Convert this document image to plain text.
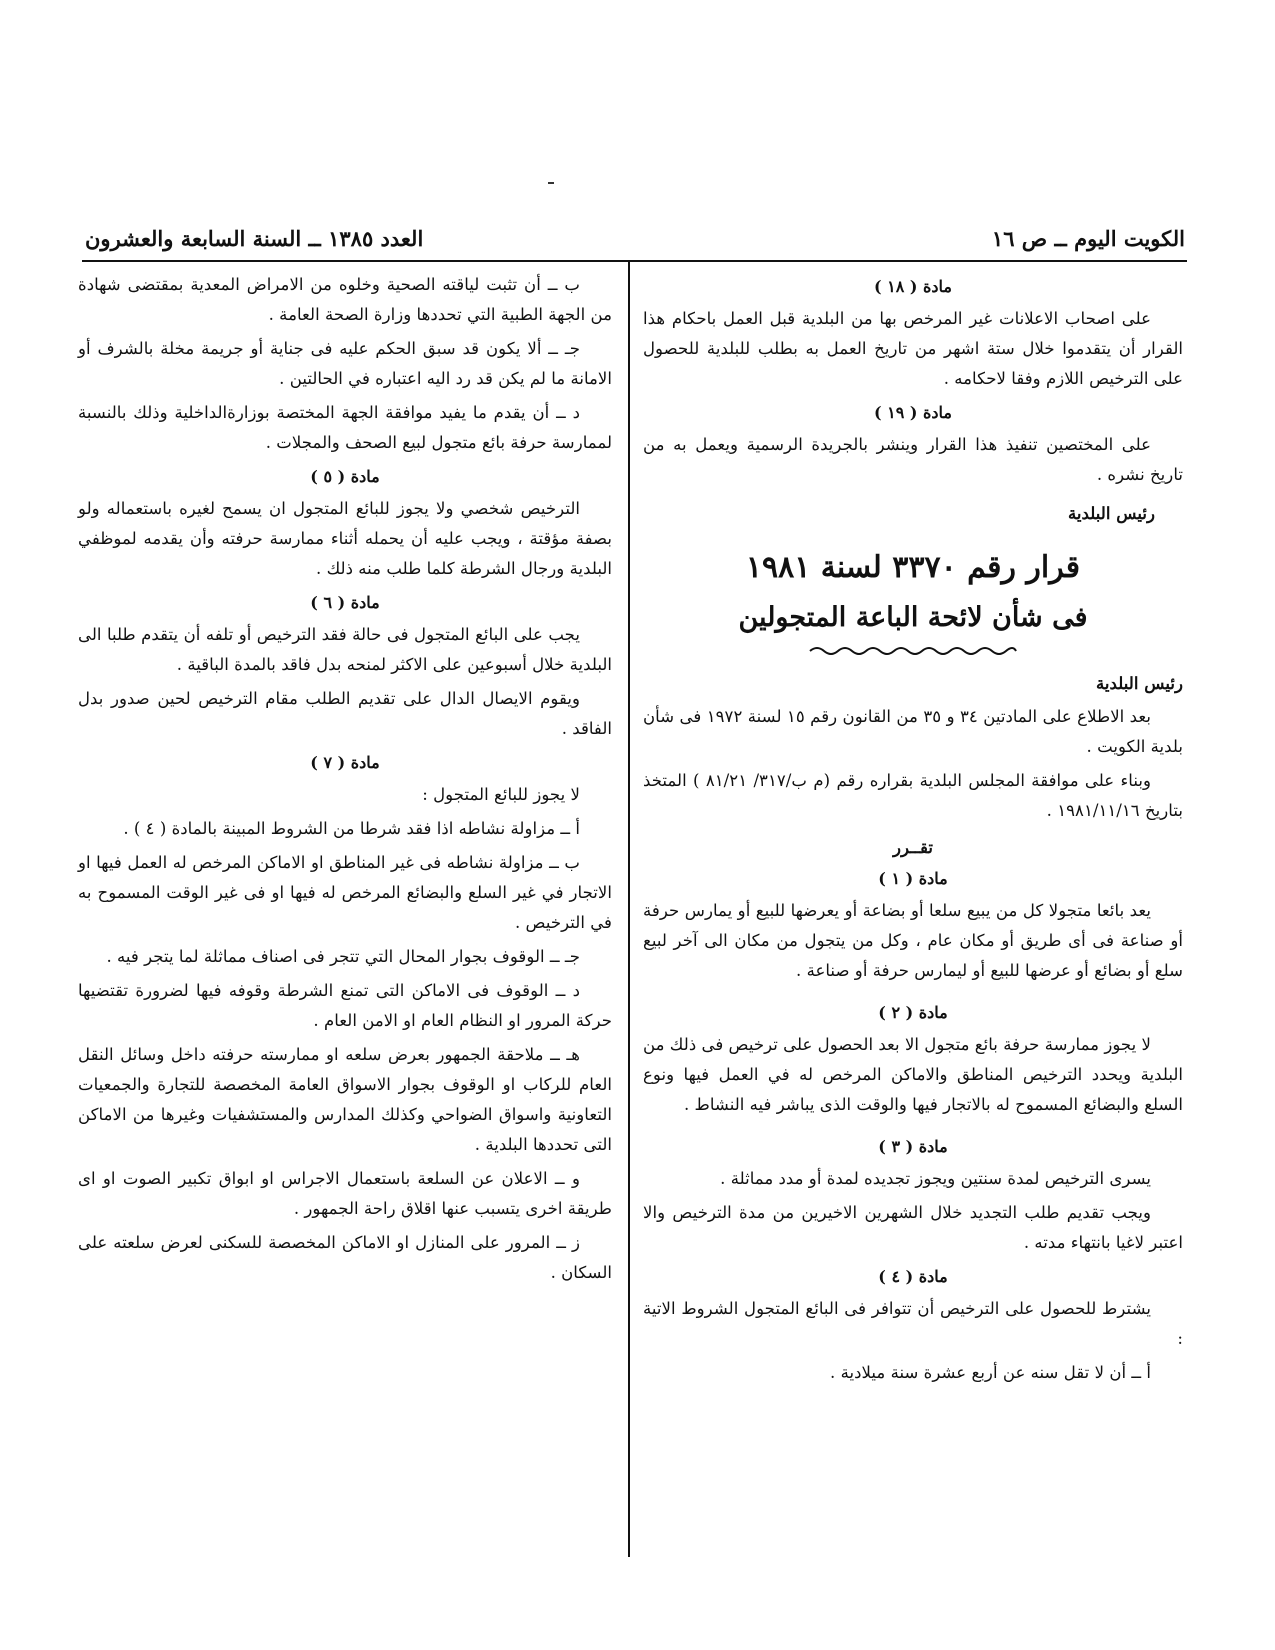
الكويت اليوم ــ ص ١٦
العدد ١٣٨٥ ــ السنة السابعة والعشرون
مادة ( ١٨ )

على اصحاب الاعلانات غير المرخص بها من البلدية قبل العمل باحكام هذا القرار أن يتقدموا خلال ستة اشهر من تاريخ العمل به بطلب للبلدية للحصول على الترخيص اللازم وفقا لاحكامه .

مادة ( ١٩ )

على المختصين تنفيذ هذا القرار وينشر بالجريدة الرسمية ويعمل به من تاريخ نشره .

رئيس البلدية
قرار رقم ٣٣٧٠ لسنة ١٩٨١
فى شأن لائحة الباعة المتجولين
رئيس البلدية

بعد الاطلاع على المادتين ٣٤ و ٣٥ من القانون رقم ١٥ لسنة ١٩٧٢ فى شأن بلدية الكويت .

وبناء على موافقة المجلس البلدية بقراره رقم (م ب/٣١٧/ ٨١/٢١ ) المتخذ بتاريخ ١٩٨١/١١/١٦ .

تقــرر
مادة ( ١ )

يعد بائعا متجولا كل من يبيع سلعا أو بضاعة أو يعرضها للبيع أو يمارس حرفة أو صناعة فى أى طريق أو مكان عام ، وكل من يتجول من مكان الى آخر لبيع سلع أو بضائع أو عرضها للبيع أو ليمارس حرفة أو صناعة .

مادة ( ٢ )

لا يجوز ممارسة حرفة بائع متجول الا بعد الحصول على ترخيص فى ذلك من البلدية ويحدد الترخيص المناطق والاماكن المرخص له في العمل فيها ونوع السلع والبضائع المسموح له بالاتجار فيها والوقت الذى يباشر فيه النشاط .

مادة ( ٣ )

يسرى الترخيص لمدة سنتين ويجوز تجديده لمدة أو مدد مماثلة .

ويجب تقديم طلب التجديد خلال الشهرين الاخيرين من مدة الترخيص والا اعتبر لاغيا بانتهاء مدته .

مادة ( ٤ )

يشترط للحصول على الترخيص أن تتوافر فى البائع المتجول الشروط الاتية :

أ ــ أن لا تقل سنه عن أربع عشرة سنة ميلادية .

ب ــ أن تثبت لياقته الصحية وخلوه من الامراض المعدية بمقتضى شهادة من الجهة الطبية التي تحددها وزارة الصحة العامة .

جـ ــ ألا يكون قد سبق الحكم عليه فى جناية أو جريمة مخلة بالشرف أو الامانة ما لم يكن قد رد اليه اعتباره في الحالتين .

د ــ أن يقدم ما يفيد موافقة الجهة المختصة بوزارةالداخلية وذلك بالنسبة لممارسة حرفة بائع متجول لبيع الصحف والمجلات .

مادة ( ٥ )

الترخيص شخصي ولا يجوز للبائع المتجول ان يسمح لغيره باستعماله ولو بصفة مؤقتة ، ويجب عليه أن يحمله أثناء ممارسة حرفته وأن يقدمه لموظفي البلدية ورجال الشرطة كلما طلب منه ذلك .

مادة ( ٦ )

يجب على البائع المتجول فى حالة فقد الترخيص أو تلفه أن يتقدم طلبا الى البلدية خلال أسبوعين على الاكثر لمنحه بدل فاقد بالمدة الباقية .

ويقوم الايصال الدال على تقديم الطلب مقام الترخيص لحين صدور بدل الفاقد .

مادة ( ٧ )

لا يجوز للبائع المتجول :

أ ــ مزاولة نشاطه اذا فقد شرطا من الشروط المبينة بالمادة ( ٤ ) .

ب ــ مزاولة نشاطه فى غير المناطق او الاماكن المرخص له العمل فيها او الاتجار في غير السلع والبضائع المرخص له فيها او فى غير الوقت المسموح به في الترخيص .

جـ ــ الوقوف بجوار المحال التي تتجر فى اصناف مماثلة لما يتجر فيه .

د ــ الوقوف فى الاماكن التى تمنع الشرطة وقوفه فيها لضرورة تقتضيها حركة المرور او النظام العام او الامن العام .

هـ ــ ملاحقة الجمهور بعرض سلعه او ممارسته حرفته داخل وسائل النقل العام للركاب او الوقوف بجوار الاسواق العامة المخصصة للتجارة والجمعيات التعاونية واسواق الضواحي وكذلك المدارس والمستشفيات وغيرها من الاماكن التى تحددها البلدية .

و ــ الاعلان عن السلعة باستعمال الاجراس او ابواق تكبير الصوت او اى طريقة اخرى يتسبب عنها اقلاق راحة الجمهور .

ز ــ المرور على المنازل او الاماكن المخصصة للسكنى لعرض سلعته على السكان .
